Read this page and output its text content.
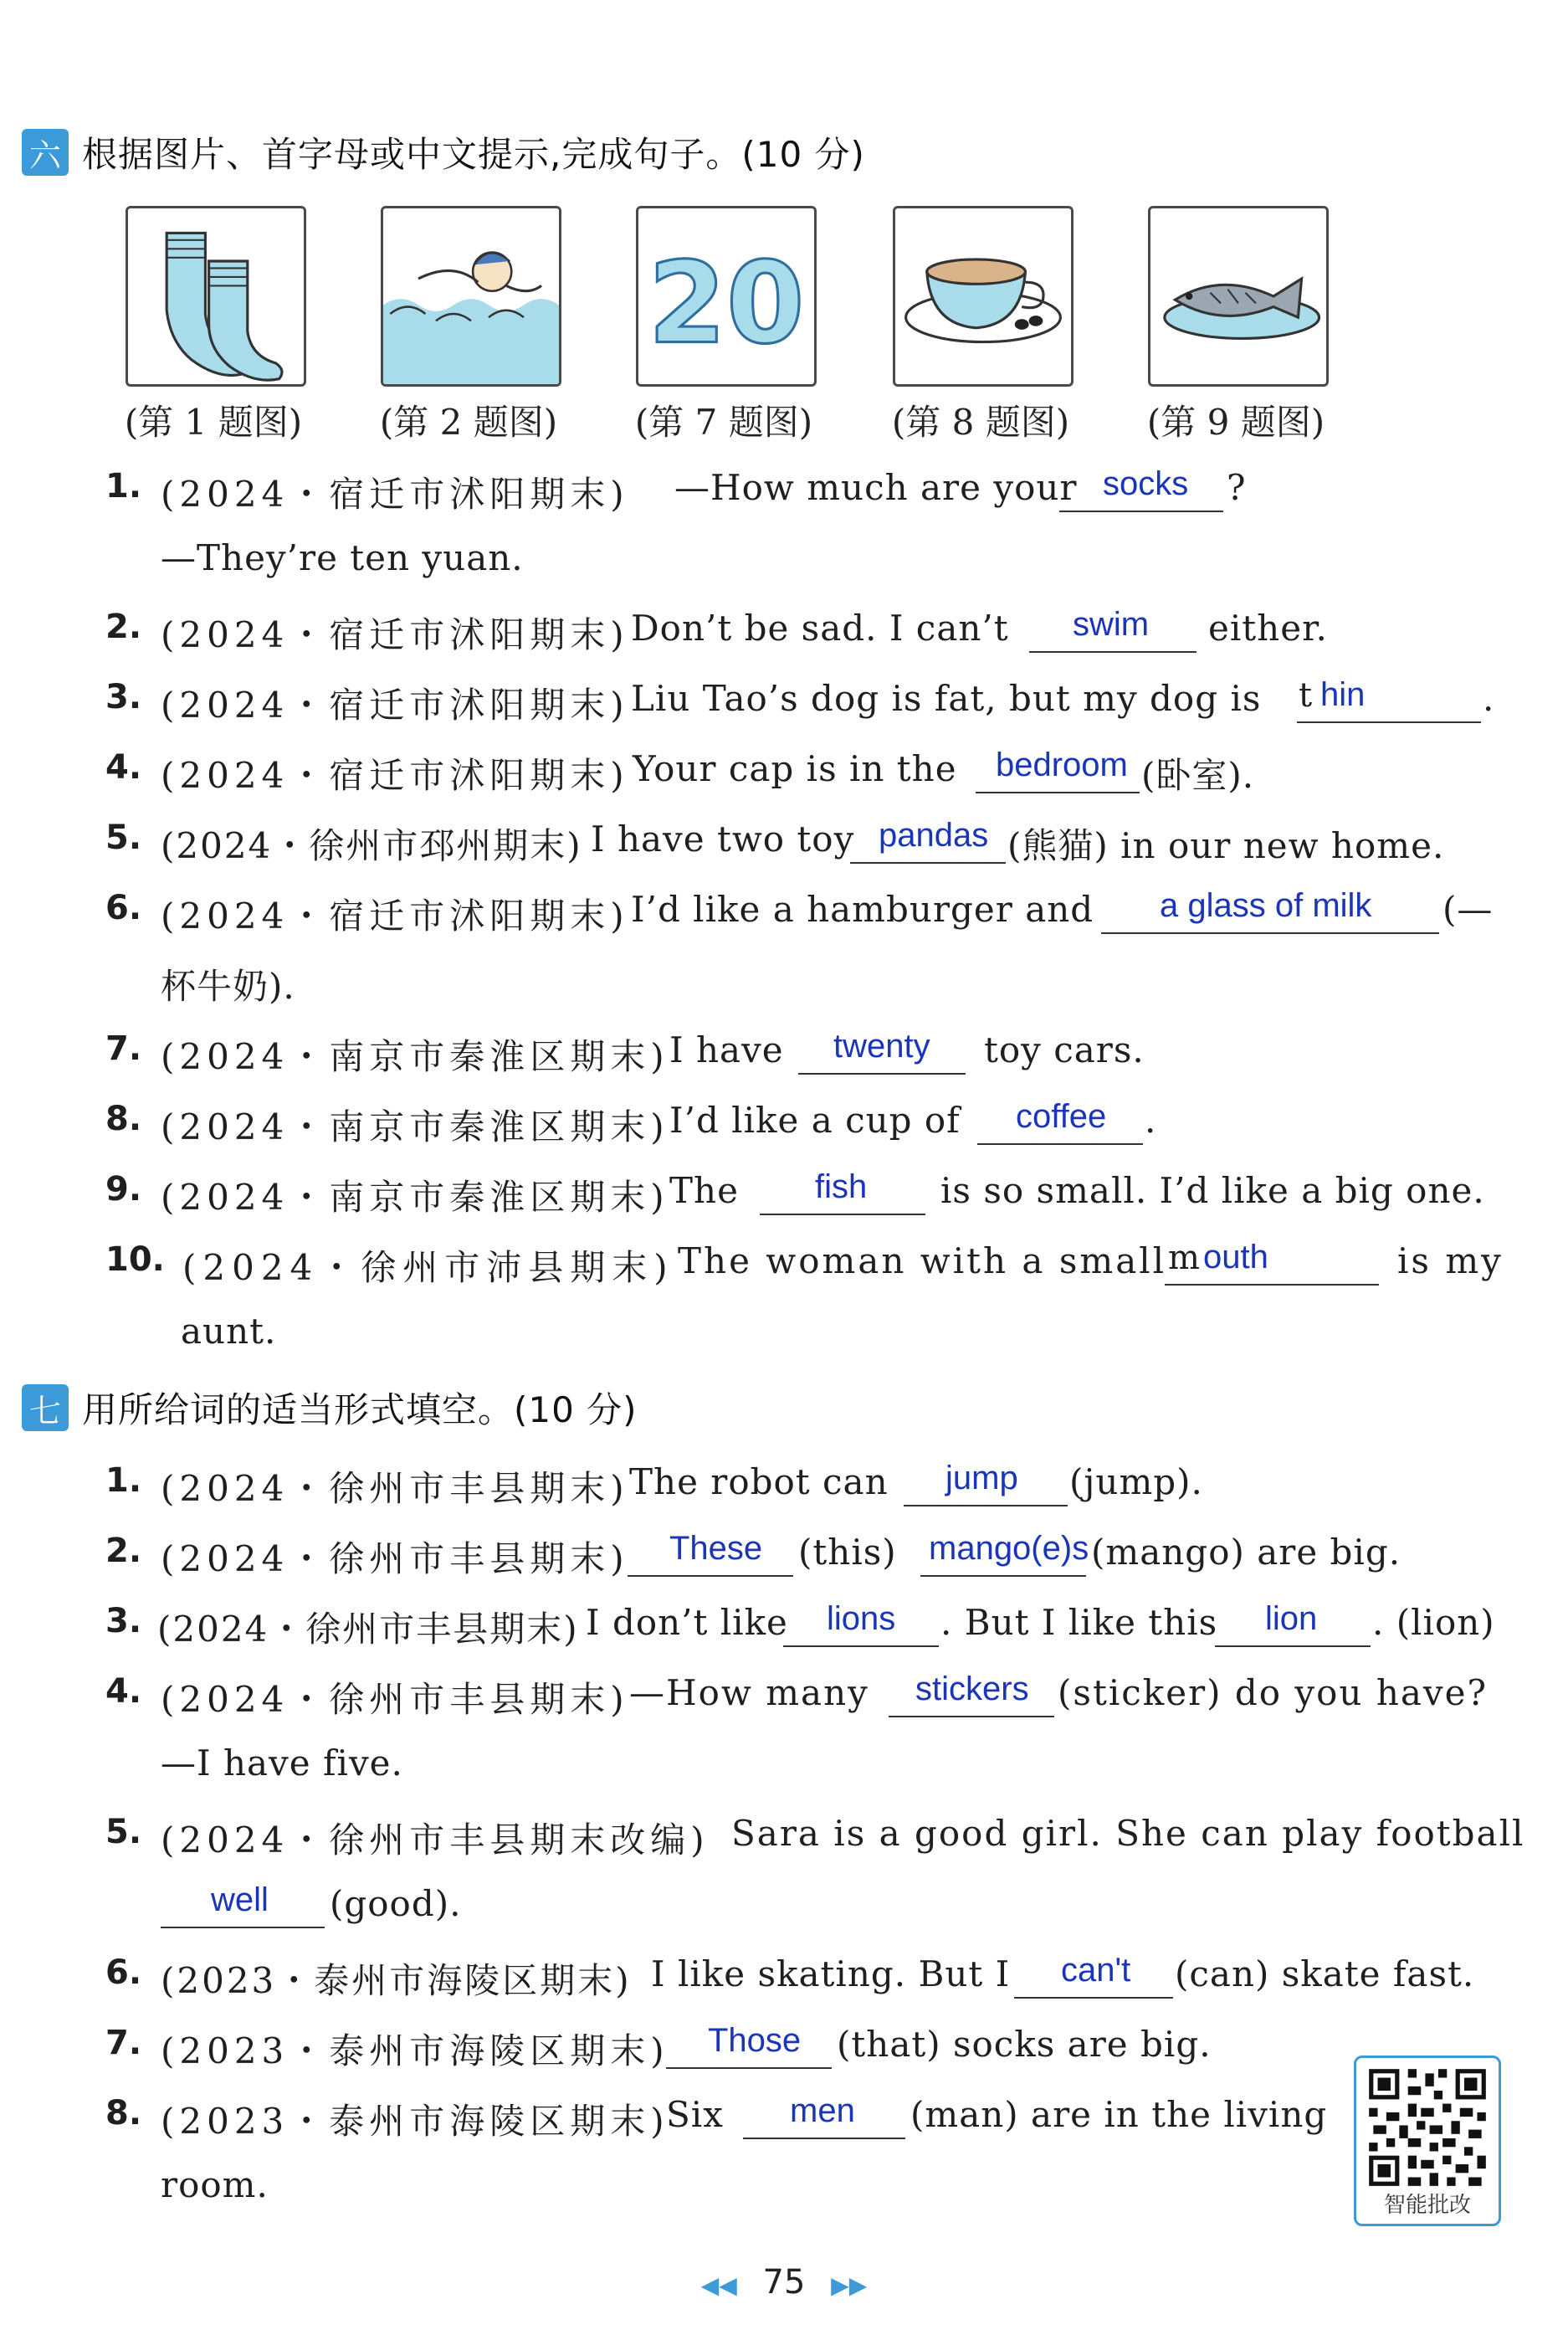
六 根据图片、首字母或中文提示,完成句子。(10 分)
20
(第 1 题图)	(第 2 题图)	(第 7 题图)	(第 8 题图)	(第 9 题图)
1. (2024・宿迁市沭阳期末) —How much are your socks ?
—They’re ten yuan.
2. (2024・宿迁市沭阳期末) Don’t be sad. I can’t swim either.
3. (2024・宿迁市沭阳期末) Liu Tao’s dog is fat, but my dog is t hin	.
4. (2024・宿迁市沭阳期末) Your cap is in the bedroom (卧室).
5. (2024・徐州市邳州期末) I have two toy pandas (熊猫) in our new home.
6. (2024・宿迁市沭阳期末) I’d like a hamburger and a glass of milk (—
杯牛奶).
7. (2024・南京市秦淮区期末) I have twenty toy cars.
8. (2024・南京市秦淮区期末) I’d like a cup of coffee .
9. (2024・南京市秦淮区期末) The fish is so small. I’d like a big one.
10. (2024・徐州市沛县期末) The woman with a small m outh	is my
aunt.
七 用所给词的适当形式填空。(10 分)
1. (2024・徐州市丰县期末) The robot can jump (jump).
2. (2024・徐州市丰县期末) These (this) mango(e)s (mango) are big.
3. (2024・徐州市丰县期末) I don’t like lions . But I like this lion . (lion)
4. (2024・徐州市丰县期末) —How many stickers (sticker) do you have?
—I have five.
5. (2024・徐州市丰县期末改编) Sara is a good girl. She can play football
well (good).
6. (2023・泰州市海陵区期末) I like skating. But I can't (can) skate fast.
7. (2023・泰州市海陵区期末) Those (that) socks are big.
8. (2023・泰州市海陵区期末)
Six men (man) are in the living
room.	智能批改
◀◀ 75 ▶▶
